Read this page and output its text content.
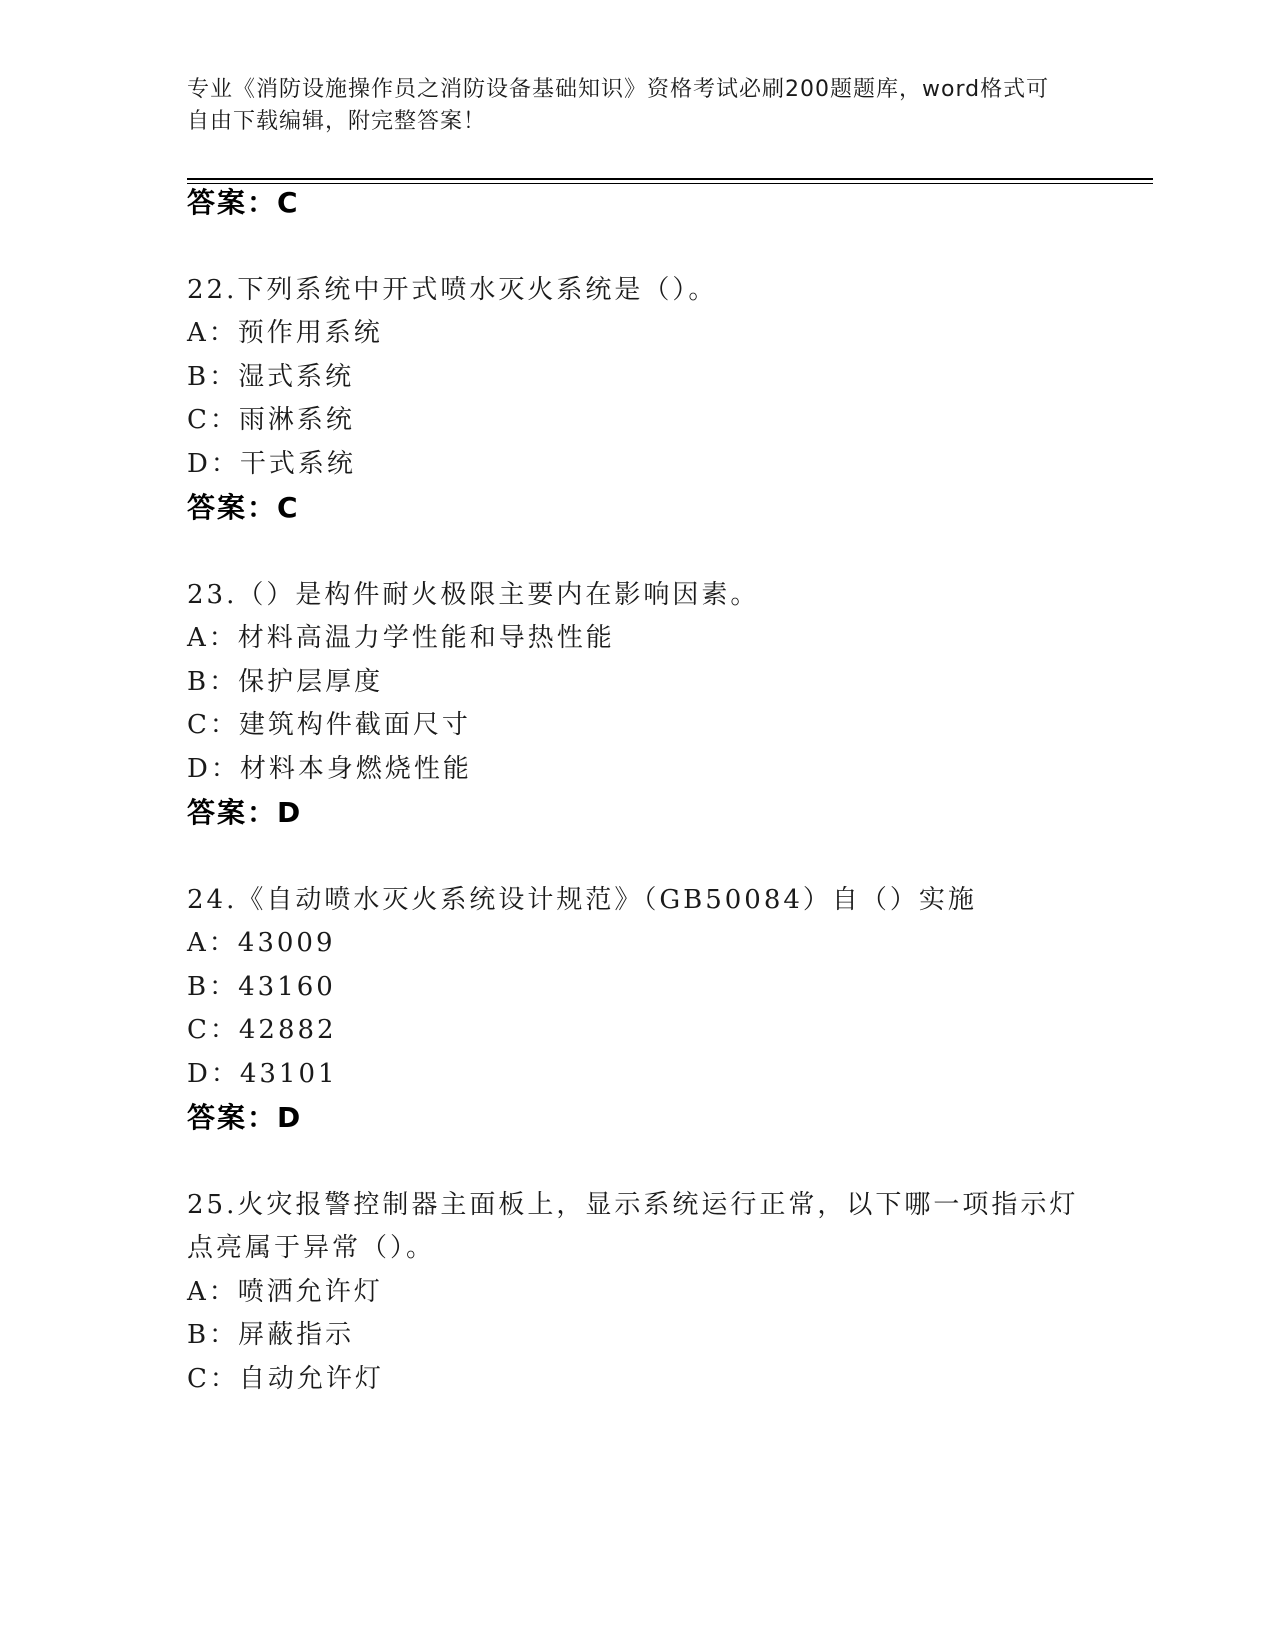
专业《消防设施操作员之消防设备基础知识》资格考试必刷200题题库，word格式可自由下载编辑，附完整答案！
答案：C
22.下列系统中开式喷水灭火系统是（）。
A：预作用系统
B：湿式系统
C：雨淋系统
D：干式系统
答案：C
23.（）是构件耐火极限主要内在影响因素。
A：材料高温力学性能和导热性能
B：保护层厚度
C：建筑构件截面尺寸
D：材料本身燃烧性能
答案：D
24.《自动喷水灭火系统设计规范》（GB50084）自（）实施
A：43009
B：43160
C：42882
D：43101
答案：D
25.火灾报警控制器主面板上，显示系统运行正常，以下哪一项指示灯
点亮属于异常（）。
A：喷洒允许灯
B：屏蔽指示
C：自动允许灯
